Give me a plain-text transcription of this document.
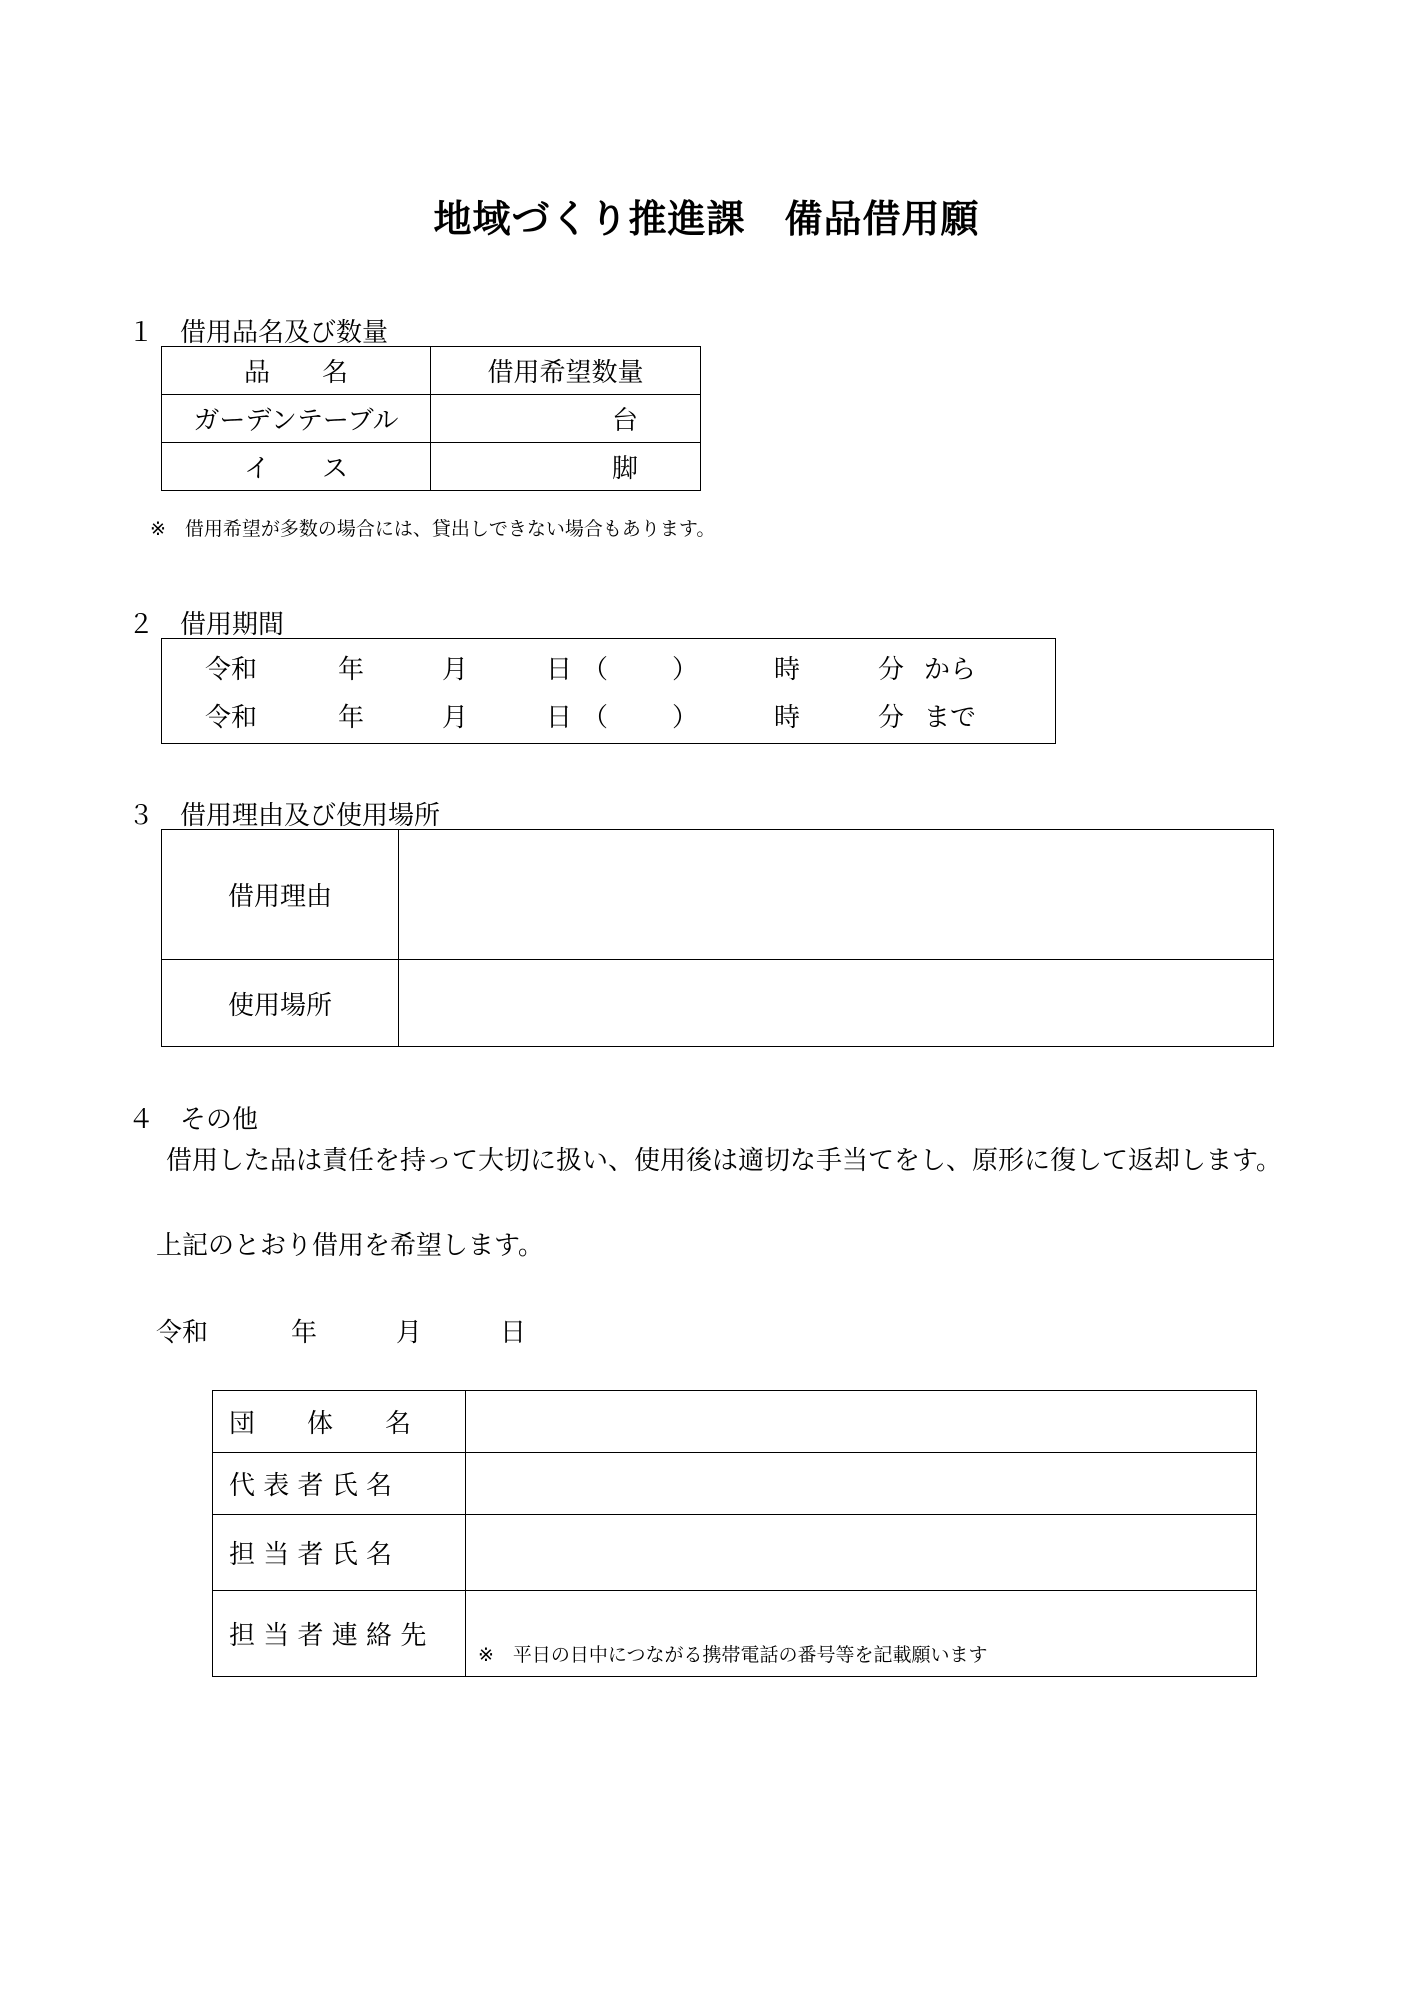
地域づくり推進課　備品借用願
１　借用品名及び数量
品　　名	借用希望数量
ガーデンテーブル	台
イ　　ス	脚
※　借用希望が多数の場合には、貸出しできない場合もあります。
２　借用期間
令和	年	月	日 （ ）	時	分 から
令和	年	月	日 （ ）	時	分 まで
３　借用理由及び使用場所
借用理由	
使用場所	
４　その他
借用した品は責任を持って大切に扱い、使用後は適切な手当てをし、原形に復して返却します。
上記のとおり借用を希望します。
令和	年	月	日
団　　体　　名	
代 表 者 氏 名	
担 当 者 氏 名	
担 当 者 連 絡 先	※　平日の日中につながる携帯電話の番号等を記載願います
